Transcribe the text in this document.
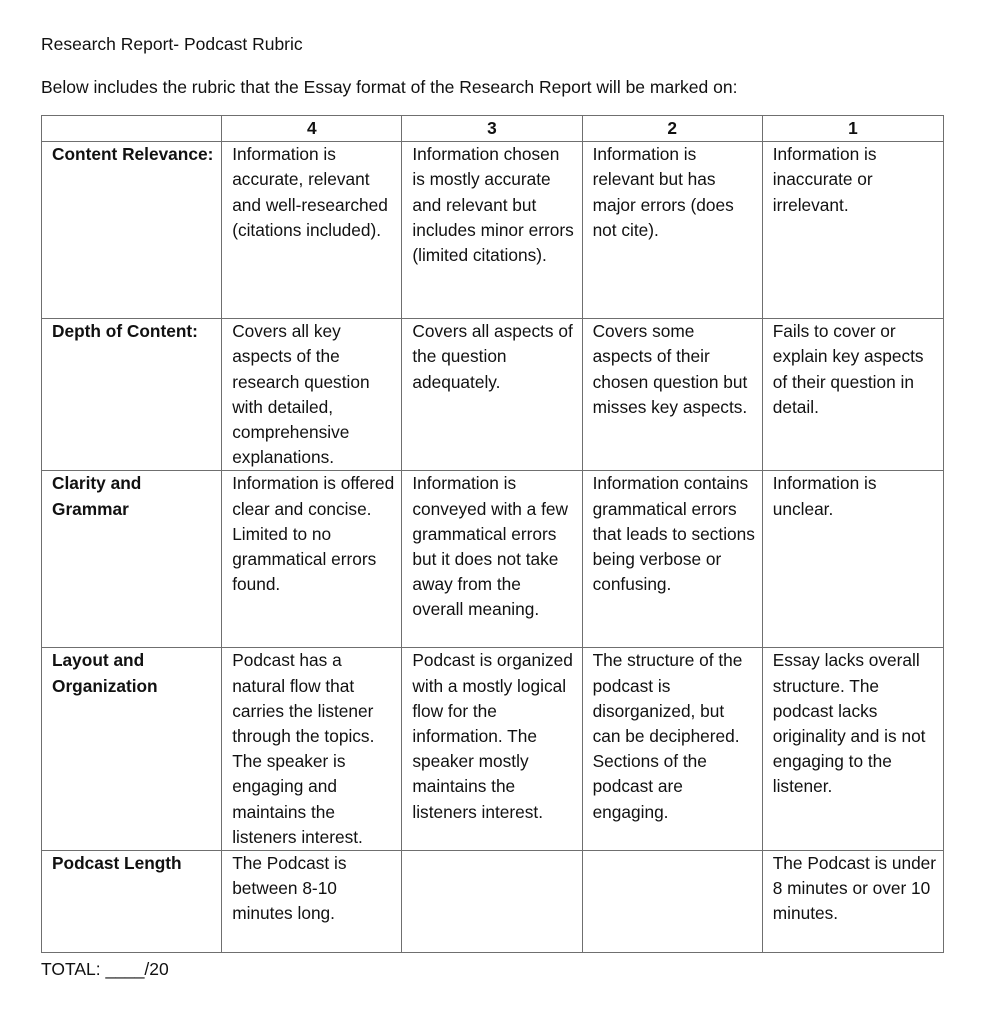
Research Report- Podcast Rubric
Below includes the rubric that the Essay format of the Research Report will be marked on:
	4	3	2	1
Content Relevance:	Information is accurate, relevant and well-researched (citations included).	Information chosen is mostly accurate and relevant but includes minor errors (limited citations).	Information is relevant but has major errors (does not cite).	Information is inaccurate or irrelevant.
Depth of Content:	Covers all key aspects of the research question with detailed, comprehensive explanations.	Covers all aspects of the question adequately.	Covers some aspects of their chosen question but misses key aspects.	Fails to cover or explain key aspects of their question in detail.
Clarity and Grammar	Information is offered clear and concise. Limited to no grammatical errors found.	Information is conveyed with a few grammatical errors but it does not take away from the overall meaning.	Information contains grammatical errors that leads to sections being verbose or confusing.	Information is unclear.
Layout and Organization	Podcast has a natural flow that carries the listener through the topics. The speaker is engaging and maintains the listeners interest.	Podcast is organized with a mostly logical flow for the information. The speaker mostly maintains the listeners interest.	The structure of the podcast is disorganized, but can be deciphered. Sections of the podcast are engaging.	Essay lacks overall structure. The podcast lacks originality and is not engaging to the listener.
Podcast Length	The Podcast is between 8-10 minutes long.			The Podcast is under 8 minutes or over 10 minutes.
TOTAL: ____/20
